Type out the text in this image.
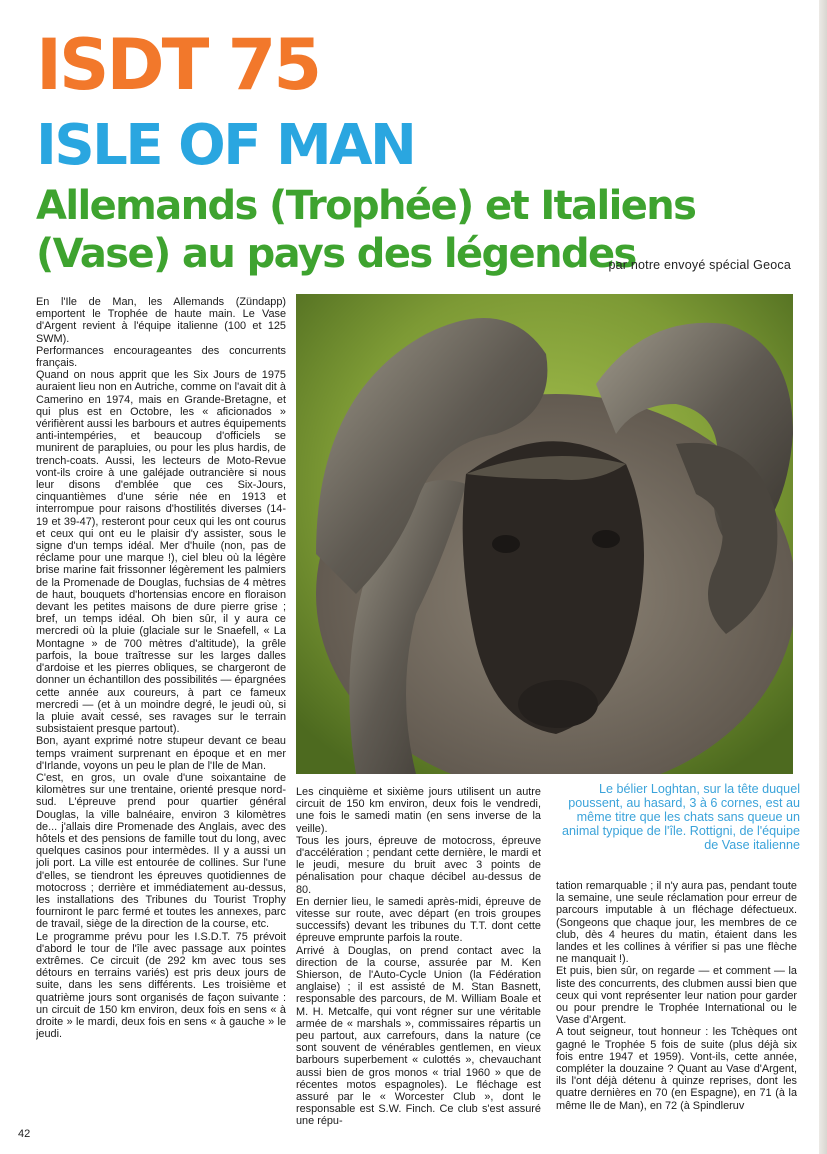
ISDT 75
ISLE OF MAN
Allemands (Trophée) et Italiens (Vase) au pays des légendes
par notre envoyé spécial Geoca

En l'Ile de Man, les Allemands (Zündapp) emportent le Trophée de haute main. Le Vase d'Argent revient à l'équipe italienne (100 et 125 SWM).

Performances encourageantes des concurrents français.

Quand on nous apprit que les Six Jours de 1975 auraient lieu non en Autriche, comme on l'avait dit à Camerino en 1974, mais en Grande-Bretagne, et qui plus est en Octobre, les « aficionados » vérifièrent aussi les barbours et autres équipements anti-intempéries, et beaucoup d'officiels se munirent de parapluies, ou pour les plus hardis, de trench-coats. Aussi, les lecteurs de Moto-Revue vont-ils croire à une galéjade outrancière si nous leur disons d'emblée que ces Six-Jours, cinquantièmes d'une série née en 1913 et interrompue pour raisons d'hostilités diverses (14-19 et 39-47), resteront pour ceux qui les ont courus et ceux qui ont eu le plaisir d'y assister, sous le signe d'un temps idéal. Mer d'huile (non, pas de réclame pour une marque !), ciel bleu où la légère brise marine fait frissonner légèrement les palmiers de la Promenade de Douglas, fuchsias de 4 mètres de haut, bouquets d'hortensias encore en floraison devant les petites maisons de dure pierre grise ; bref, un temps idéal. Oh bien sûr, il y aura ce mercredi où la pluie (glaciale sur le Snaefell, « La Montagne » de 700 mètres d'altitude), la grêle parfois, la boue traîtresse sur les larges dalles d'ardoise et les pierres obliques, se chargeront de donner un échantillon des possibilités — épargnées cette année aux coureurs, à part ce fameux mercredi — (et à un moindre degré, le jeudi où, si la pluie avait cessé, ses ravages sur le terrain subsistaient presque partout).

Bon, ayant exprimé notre stupeur devant ce beau temps vraiment surprenant en époque et en mer d'Irlande, voyons un peu le plan de l'Ile de Man.

C'est, en gros, un ovale d'une soixantaine de kilomètres sur une trentaine, orienté presque nord-sud. L'épreuve prend pour quartier général Douglas, la ville balnéaire, environ 3 kilomètres de... j'allais dire Promenade des Anglais, avec des hôtels et des pensions de famille tout du long, avec quelques casinos pour intermèdes. Il y a aussi un joli port. La ville est entourée de collines. Sur l'une d'elles, se tiendront les épreuves quotidiennes de motocross ; derrière et immédiatement au-dessus, les installations des Tribunes du Tourist Trophy fourniront le parc fermé et toutes les annexes, parc de travail, siège de la direction de la course, etc.

Le programme prévu pour les I.S.D.T. 75 prévoit d'abord le tour de l'île avec passage aux pointes extrêmes. Ce circuit (de 292 km avec tous ses détours en terrains variés) est pris deux jours de suite, dans les sens différents. Les troisième et quatrième jours sont organisés de façon suivante : un circuit de 150 km environ, deux fois en sens « à droite » le mardi, deux fois en sens « à gauche » le jeudi.

Le bélier Loghtan, sur la tête duquel poussent, au hasard, 3 à 6 cornes, est au même titre que les chats sans queue un animal typique de l'île. Rottigni, de l'équipe de Vase italienne

Les cinquième et sixième jours utilisent un autre circuit de 150 km environ, deux fois le vendredi, une fois le samedi matin (en sens inverse de la veille).

Tous les jours, épreuve de motocross, épreuve d'accélération ; pendant cette dernière, le mardi et le jeudi, mesure du bruit avec 3 points de pénalisation pour chaque décibel au-dessus de 80.

En dernier lieu, le samedi après-midi, épreuve de vitesse sur route, avec départ (en trois groupes successifs) devant les tribunes du T.T. dont cette épreuve emprunte parfois la route.

Arrivé à Douglas, on prend contact avec la direction de la course, assurée par M. Ken Shierson, de l'Auto-Cycle Union (la Fédération anglaise) ; il est assisté de M. Stan Basnett, responsable des parcours, de M. William Boale et M. H. Metcalfe, qui vont régner sur une véritable armée de « marshals », commissaires répartis un peu partout, aux carrefours, dans la nature (ce sont souvent de vénérables gentlemen, en vieux barbours superbement « culottés », chevauchant aussi bien de gros monos « trial 1960 » que de récentes motos espagnoles). Le fléchage est assuré par le « Worcester Club », dont le responsable est S.W. Finch. Ce club s'est assuré une répu-

tation remarquable ; il n'y aura pas, pendant toute la semaine, une seule réclamation pour erreur de parcours imputable à un fléchage défectueux. (Songeons que chaque jour, les membres de ce club, dès 4 heures du matin, étaient dans les landes et les collines à vérifier si pas une flèche ne manquait !).

Et puis, bien sûr, on regarde — et comment — la liste des concurrents, des clubmen aussi bien que ceux qui vont représenter leur nation pour garder ou pour prendre le Trophée International ou le Vase d'Argent.

A tout seigneur, tout honneur : les Tchèques ont gagné le Trophée 5 fois de suite (plus déjà six fois entre 1947 et 1959). Vont-ils, cette année, compléter la douzaine ? Quant au Vase d'Argent, ils l'ont déjà détenu à quinze reprises, dont les quatre dernières en 70 (en Espagne), en 71 (à la même Ile de Man), en 72 (à Spindleruv

42
